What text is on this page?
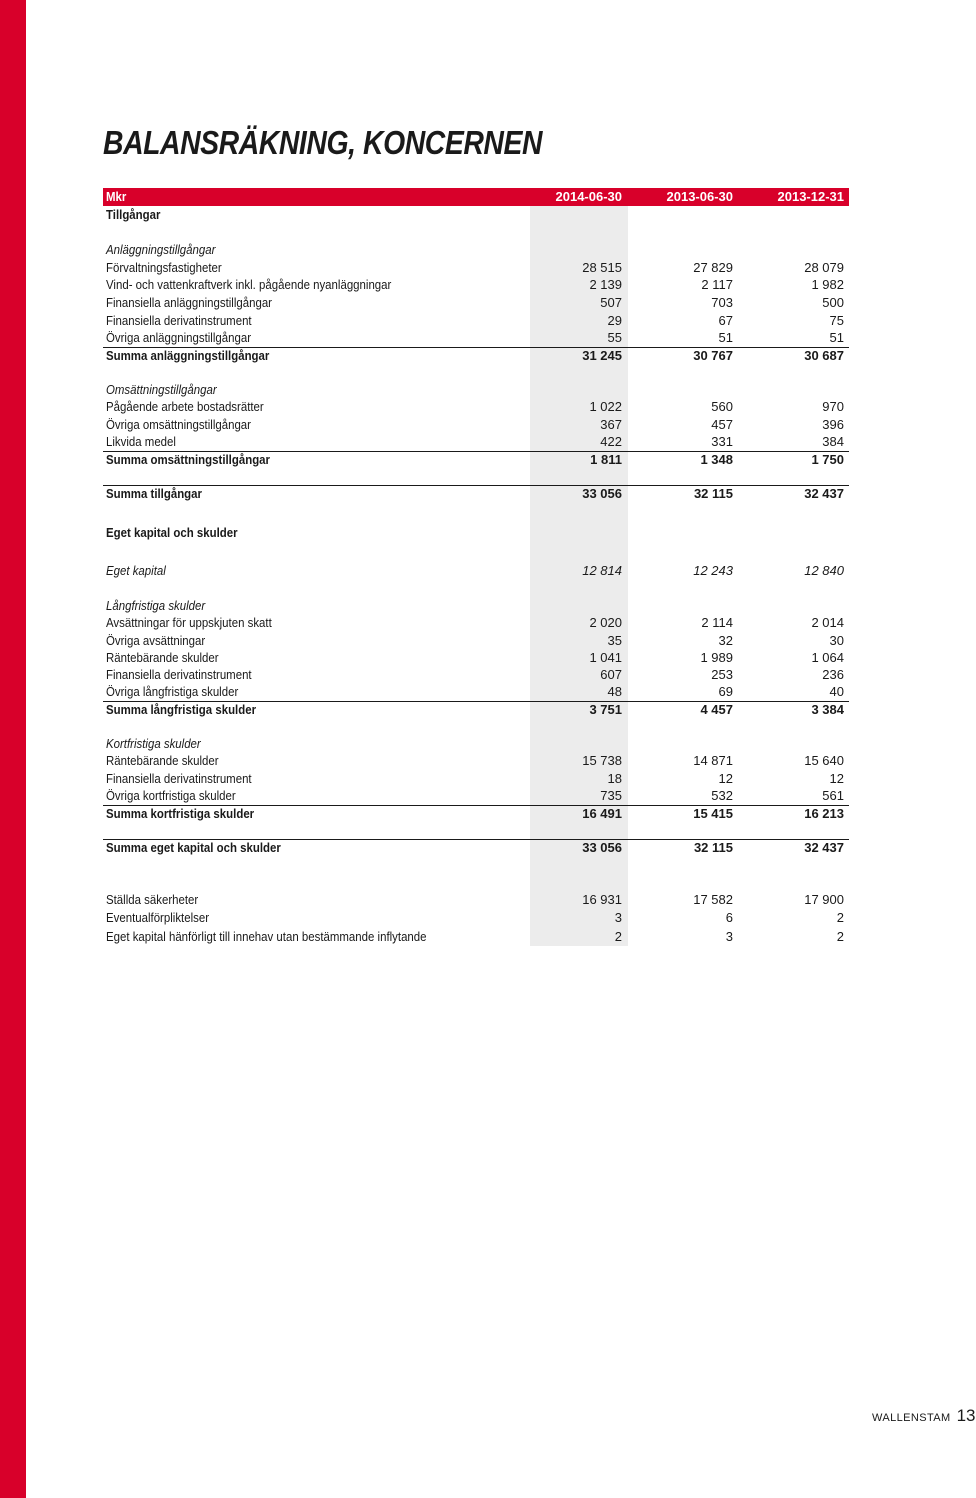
BALANSRÄKNING, KONCERNEN
Mkr	2014-06-30	2013-06-30	2013-12-31
Tillgångar
Anläggningstillgångar
Förvaltningsfastigheter	28 515	27 829	28 079
Vind- och vattenkraftverk inkl. pågående nyanläggningar	2 139	2 117	1 982
Finansiella anläggningstillgångar	507	703	500
Finansiella derivatinstrument	29	67	75
Övriga anläggningstillgångar	55	51	51
Summa anläggningstillgångar	31 245	30 767	30 687
Omsättningstillgångar
Pågående arbete bostadsrätter	1 022	560	970
Övriga omsättningstillgångar	367	457	396
Likvida medel	422	331	384
Summa omsättningstillgångar	1 811	1 348	1 750
Summa tillgångar	33 056	32 115	32 437
Eget kapital och skulder
Eget kapital	12 814	12 243	12 840
Långfristiga skulder
Avsättningar för uppskjuten skatt	2 020	2 114	2 014
Övriga avsättningar	35	32	30
Räntebärande skulder	1 041	1 989	1 064
Finansiella derivatinstrument	607	253	236
Övriga långfristiga skulder	48	69	40
Summa långfristiga skulder	3 751	4 457	3 384
Kortfristiga skulder
Räntebärande skulder	15 738	14 871	15 640
Finansiella derivatinstrument	18	12	12
Övriga kortfristiga skulder	735	532	561
Summa kortfristiga skulder	16 491	15 415	16 213
Summa eget kapital och skulder	33 056	32 115	32 437
Ställda säkerheter	16 931	17 582	17 900
Eventualförpliktelser	3	6	2
Eget kapital hänförligt till innehav utan bestämmande inflytande	2	3	2
WALLENSTAM 13
